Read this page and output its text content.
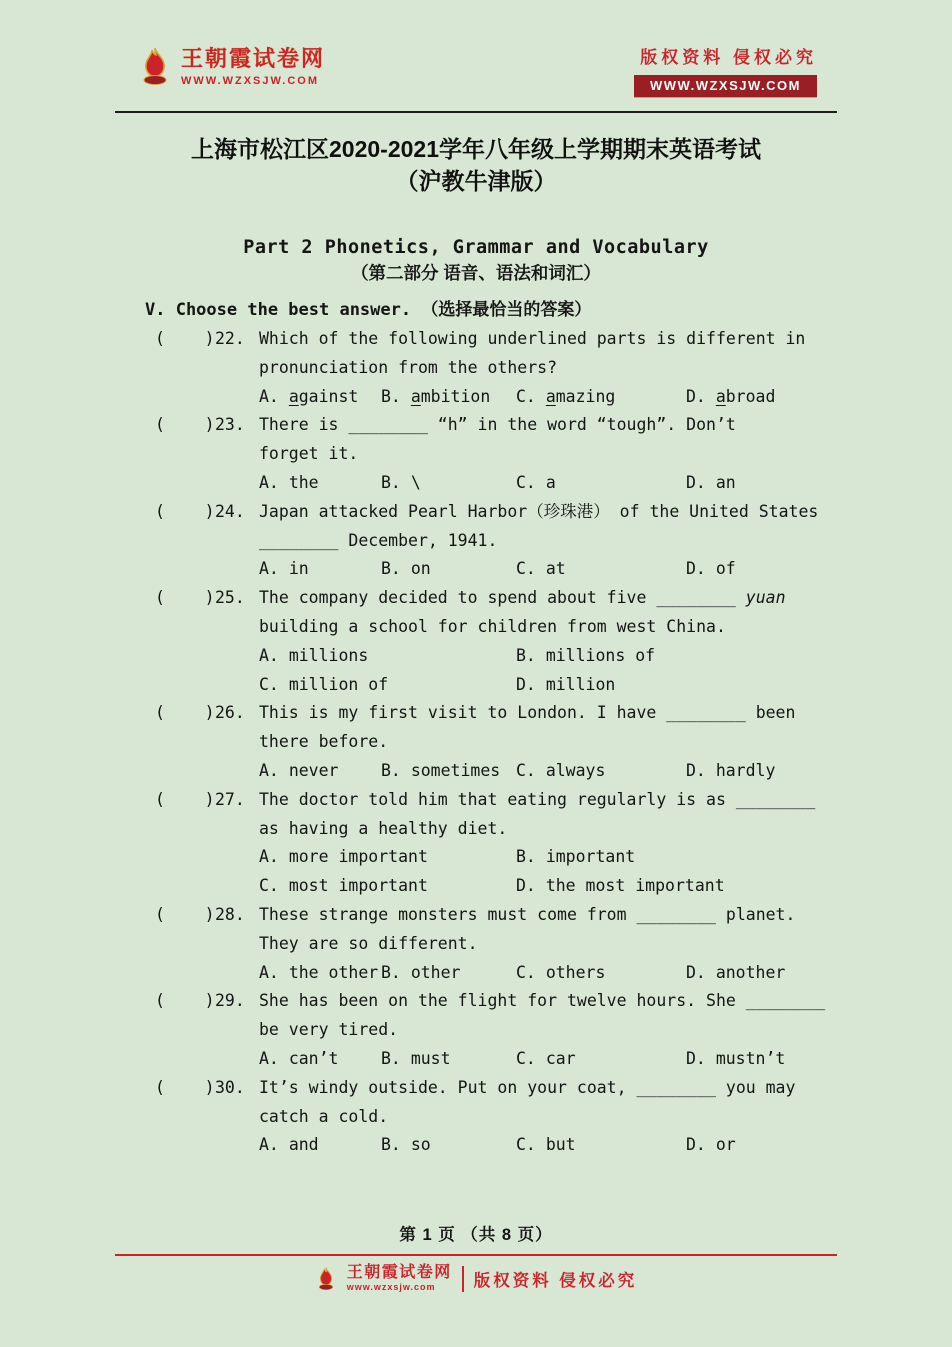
王朝霞试卷网
WWW.WZXSJW.COM
版权资料 侵权必究
WWW.WZXSJW.COM
上海市松江区2020-2021学年八年级上学期期末英语考试
（沪教牛津版）
Part 2 Phonetics, Grammar and Vocabulary
（第二部分 语音、语法和词汇）
V. Choose the best answer. （选择最恰当的答案）
(    ) 22. Which of the following underlined parts is different in
pronunciation from the others?
A. against	B. ambition	C. amazing	D. abroad
(    ) 23. There is ________ “h” in the word “tough”. Don’t
forget it.
A. the	B. \	C. a	D. an
(    ) 24. Japan attacked Pearl Harbor（珍珠港） of the United States
________ December, 1941.
A. in	B. on	C. at	D. of
(    ) 25. The company decided to spend about five ________ yuan
building a school for children from west China.
A. millions	B. millions of
C. million of	D. million
(    ) 26. This is my first visit to London. I have ________ been
there before.
A. never	B. sometimes C. always	D. hardly
(    ) 27. The doctor told him that eating regularly is as ________
as having a healthy diet.
A. more important	B. important
C. most important	D. the most important
(    ) 28. These strange monsters must come from ________ planet.
They are so different.
A. the other B. other	C. others	D. another
(    ) 29. She has been on the flight for twelve hours. She ________
be very tired.
A. can’t	B. must	C. car	D. mustn’t
(    ) 30. It’s windy outside. Put on your coat, ________ you may
catch a cold.
A. and	B. so	C. but	D. or
第 1 页 （共 8 页）
王朝霞试卷网
www.wzxsjw.com 版权资料 侵权必究
